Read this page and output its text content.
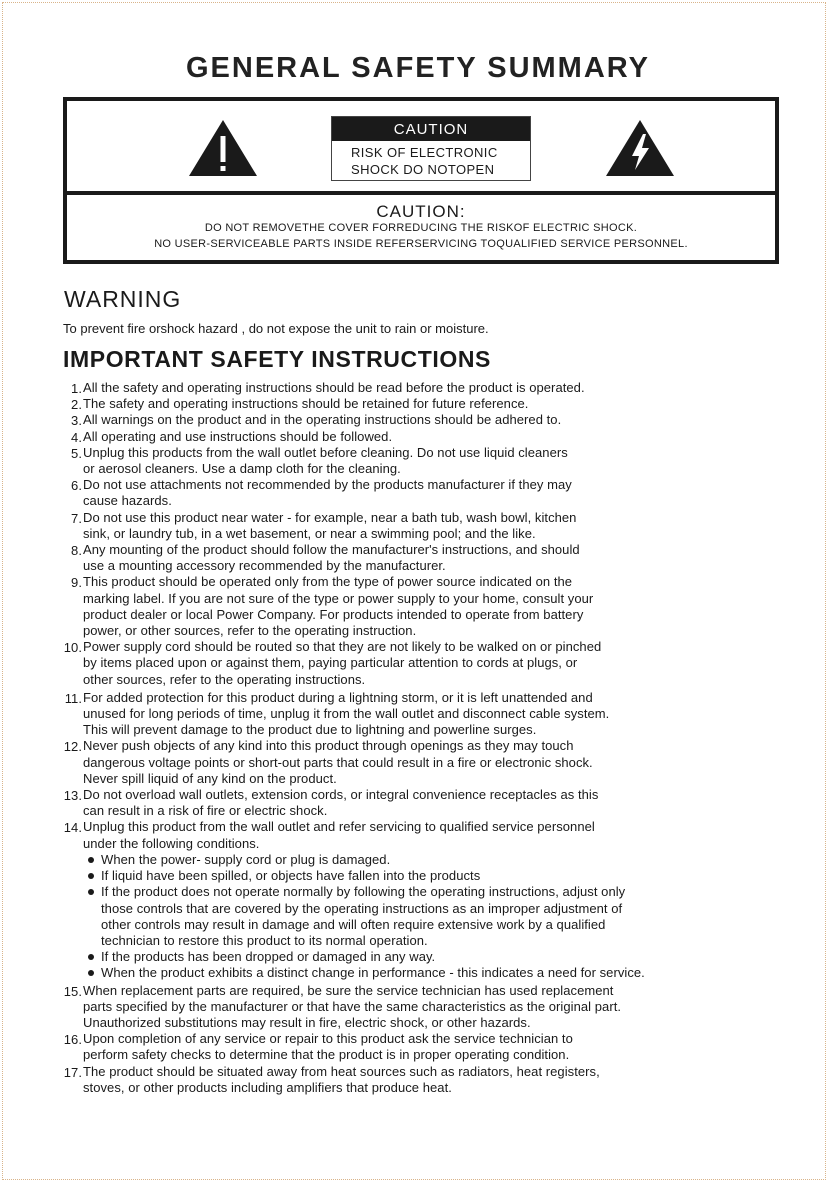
GENERAL SAFETY SUMMARY
CAUTION
RISK OF ELECTRONIC
SHOCK DO NOTOPEN
CAUTION:
DO NOT REMOVETHE COVER FORREDUCING THE RISKOF ELECTRIC SHOCK.
NO USER-SERVICEABLE PARTS INSIDE REFERSERVICING TOQUALIFIED SERVICE PERSONNEL.
WARNING
To prevent fire orshock hazard , do not expose the unit to rain or moisture.
IMPORTANT SAFETY INSTRUCTIONS
1. All the safety and operating instructions should be read before the product is operated.
2. The safety and operating instructions should be retained for future reference.
3. All warnings on the product and in the operating instructions should be adhered to.
4. All operating and use instructions should be followed.
5. Unplug this products from the wall outlet before cleaning. Do not use liquid cleaners
or aerosol cleaners. Use a damp cloth for the cleaning.
6. Do not use attachments not recommended by the products manufacturer if they may
cause hazards.
7. Do not use this product near water - for example, near a bath tub, wash bowl, kitchen
sink, or laundry tub, in a wet basement, or near a swimming pool; and the like.
8. Any mounting of the product should follow the manufacturer's instructions, and should
use a mounting accessory recommended by the manufacturer.
9. This product should be operated only from the type of power source indicated on the
marking label. If you are not sure of the type or power supply to your home, consult your
product dealer or local Power Company. For products intended to operate from battery
power, or other sources, refer to the operating instruction.
10. Power supply cord should be routed so that they are not likely to be walked on or pinched
by items placed upon or against them, paying particular attention to cords at plugs, or
other sources, refer to the operating instructions.
11. For added protection for this product during a lightning storm, or it is left unattended and
unused for long periods of time, unplug it from the wall outlet and disconnect cable system.
This will prevent damage to the product due to lightning and powerline surges.
12. Never push objects of any kind into this product through openings as they may touch
dangerous voltage points or short-out parts that could result in a fire or electronic shock.
Never spill liquid of any kind on the product.
13. Do not overload wall outlets, extension cords, or integral convenience receptacles as this
can result in a risk of fire or electric shock.
14. Unplug this product from the wall outlet and refer servicing to qualified service personnel
under the following conditions.
When the power- supply cord or plug is damaged.
If liquid have been spilled, or objects have fallen into the products
If the product does not operate normally by following the operating instructions, adjust only
those controls that are covered by the operating instructions as an improper adjustment of
other controls may result in damage and will often require extensive work by a qualified
technician to restore this product to its normal operation.
If the products has been dropped or damaged in any way.
When the product exhibits a distinct change in performance - this indicates a need for service.
15. When replacement parts are required, be sure the service technician has used replacement
parts specified by the manufacturer or that have the same characteristics as the original part.
Unauthorized substitutions may result in fire, electric shock, or other hazards.
16. Upon completion of any service or repair to this product ask the service technician to
perform safety checks to determine that the product is in proper operating condition.
17. The product should be situated away from heat sources such as radiators, heat registers,
stoves, or other products including amplifiers that produce heat.
